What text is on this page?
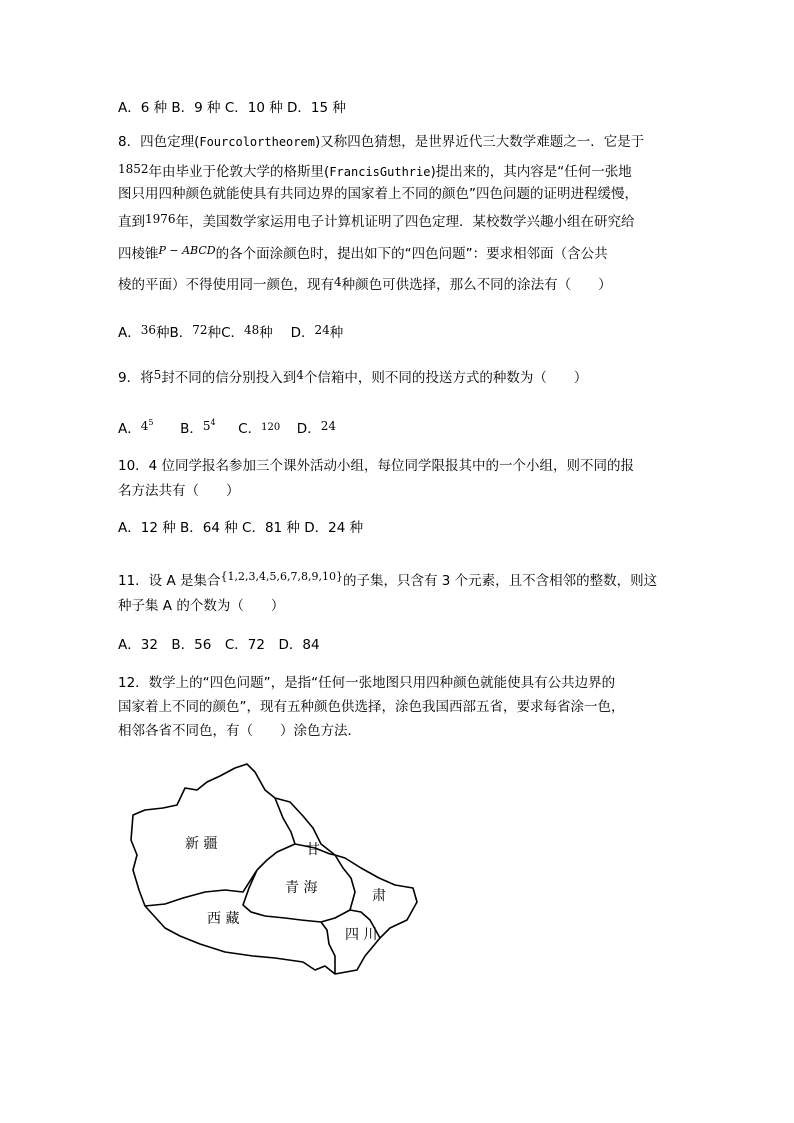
A．6 种 B．9 种 C．10 种 D．15 种
8．四色定理(Fourcolortheorem)又称四色猜想，是世界近代三大数学难题之一．它是于
1852年由毕业于伦敦大学的格斯里(FrancisGuthrie)提出来的，其内容是“任何一张地
图只用四种颜色就能使具有共同边界的国家着上不同的颜色”四色问题的证明进程缓慢，
直到1976年，美国数学家运用电子计算机证明了四色定理．某校数学兴趣小组在研究给
四棱锥$^{P - ABCD}$的各个面涂颜色时，提出如下的“四色问题”：要求相邻面（含公共
棱的平面）不得使用同一颜色，现有4种颜色可供选择，那么不同的涂法有（　　）
A．36种B．72种C．48种　 D．24种
9．将5封不同的信分别投入到4个信箱中，则不同的投送方式的种数为（　　）
A．$4^5$ B．$5^4$ C．$^{120}$ D．24
10．4 位同学报名参加三个课外活动小组，每位同学限报其中的一个小组，则不同的报
名方法共有（　　）
A．12 种 B．64 种 C．81 种 D．24 种
11．设 A 是集合$^{\{1,2,3,4,5,6,7,8,9,10\}}$的子集，只含有 3 个元素，且不含相邻的整数，则这
种子集 A 的个数为（　　）
A．32　B．56　C．72　D．84
12．数学上的“四色问题”，是指“任何一张地图只用四种颜色就能使具有公共边界的
国家着上不同的颜色”，现有五种颜色供选择，涂色我国西部五省，要求每省涂一色，
相邻各省不同色，有（　　）涂色方法．
新 疆	甘
青 海	肃
西 藏
四 川
